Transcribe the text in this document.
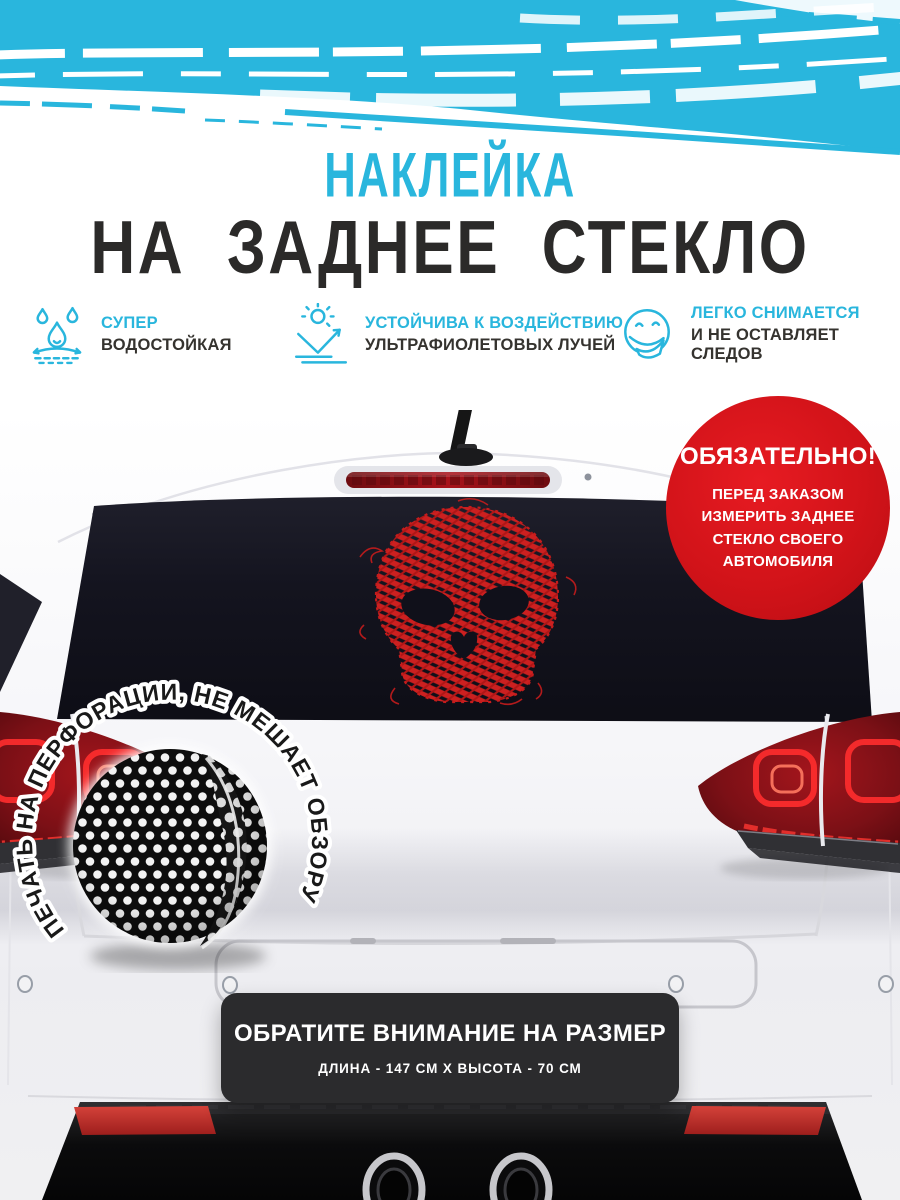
НАКЛЕЙКА
НА ЗАДНЕЕ СТЕКЛО
СУПЕР
ВОДОСТОЙКАЯ
УСТОЙЧИВА К ВОЗДЕЙСТВИЮ
УЛЬТРАФИОЛЕТОВЫХ ЛУЧЕЙ
ЛЕГКО СНИМАЕТСЯ
И НЕ ОСТАВЛЯЕТ СЛЕДОВ
ПЕЧАТЬ НА ПЕРФОРАЦИИ, НЕ МЕШАЕТ ОБЗОРУ
ОБЯЗАТЕЛЬНО!
ПЕРЕД ЗАКАЗОМ
ИЗМЕРИТЬ ЗАДНЕЕ
СТЕКЛО СВОЕГО
АВТОМОБИЛЯ
ОБРАТИТЕ ВНИМАНИЕ НА РАЗМЕР
ДЛИНА - 147 СМ Х ВЫСОТА - 70 СМ
